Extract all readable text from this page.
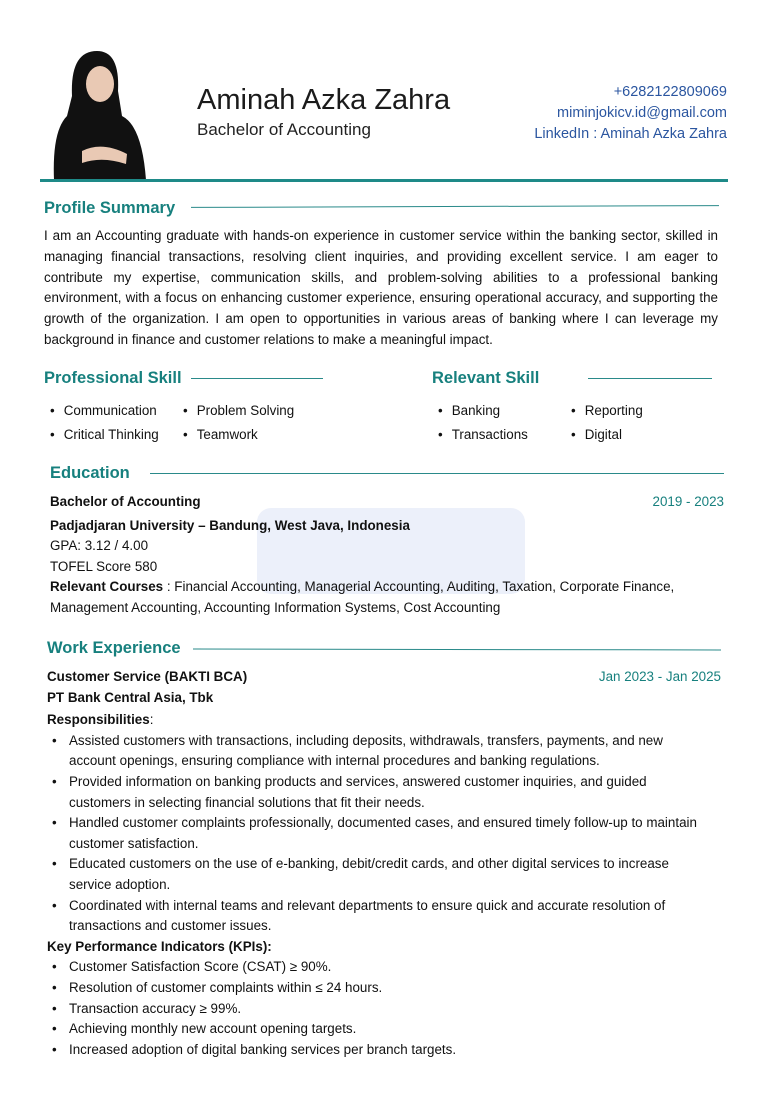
Aminah Azka Zahra
Bachelor of Accounting
+6282122809069
miminjokicv.id@gmail.com
LinkedIn : Aminah Azka Zahra
Profile Summary
I am an Accounting graduate with hands-on experience in customer service within the banking sector, skilled in managing financial transactions, resolving client inquiries, and providing excellent service. I am eager to contribute my expertise, communication skills, and problem-solving abilities to a professional banking environment, with a focus on enhancing customer experience, ensuring operational accuracy, and supporting the growth of the organization. I am open to opportunities in various areas of banking where I can leverage my background in finance and customer relations to make a meaningful impact.
Professional Skill
• Communication
• Critical Thinking
• Problem Solving
• Teamwork
Relevant Skill
• Banking
• Transactions
• Reporting
• Digital
Education
Bachelor of Accounting	2019 - 2023
Padjadjaran University – Bandung, West Java, Indonesia
GPA: 3.12 / 4.00
TOFEL Score 580
Relevant Courses : Financial Accounting, Managerial Accounting, Auditing, Taxation, Corporate Finance, Management Accounting, Accounting Information Systems, Cost Accounting
Work Experience
Customer Service (BAKTI BCA)	Jan 2023 - Jan 2025
PT Bank Central Asia, Tbk
Responsibilities:
• Assisted customers with transactions, including deposits, withdrawals, transfers, payments, and new account openings, ensuring compliance with internal procedures and banking regulations.
• Provided information on banking products and services, answered customer inquiries, and guided customers in selecting financial solutions that fit their needs.
• Handled customer complaints professionally, documented cases, and ensured timely follow-up to maintain customer satisfaction.
• Educated customers on the use of e-banking, debit/credit cards, and other digital services to increase service adoption.
• Coordinated with internal teams and relevant departments to ensure quick and accurate resolution of transactions and customer issues.
Key Performance Indicators (KPIs):
• Customer Satisfaction Score (CSAT) ≥ 90%.
• Resolution of customer complaints within ≤ 24 hours.
• Transaction accuracy ≥ 99%.
• Achieving monthly new account opening targets.
• Increased adoption of digital banking services per branch targets.
